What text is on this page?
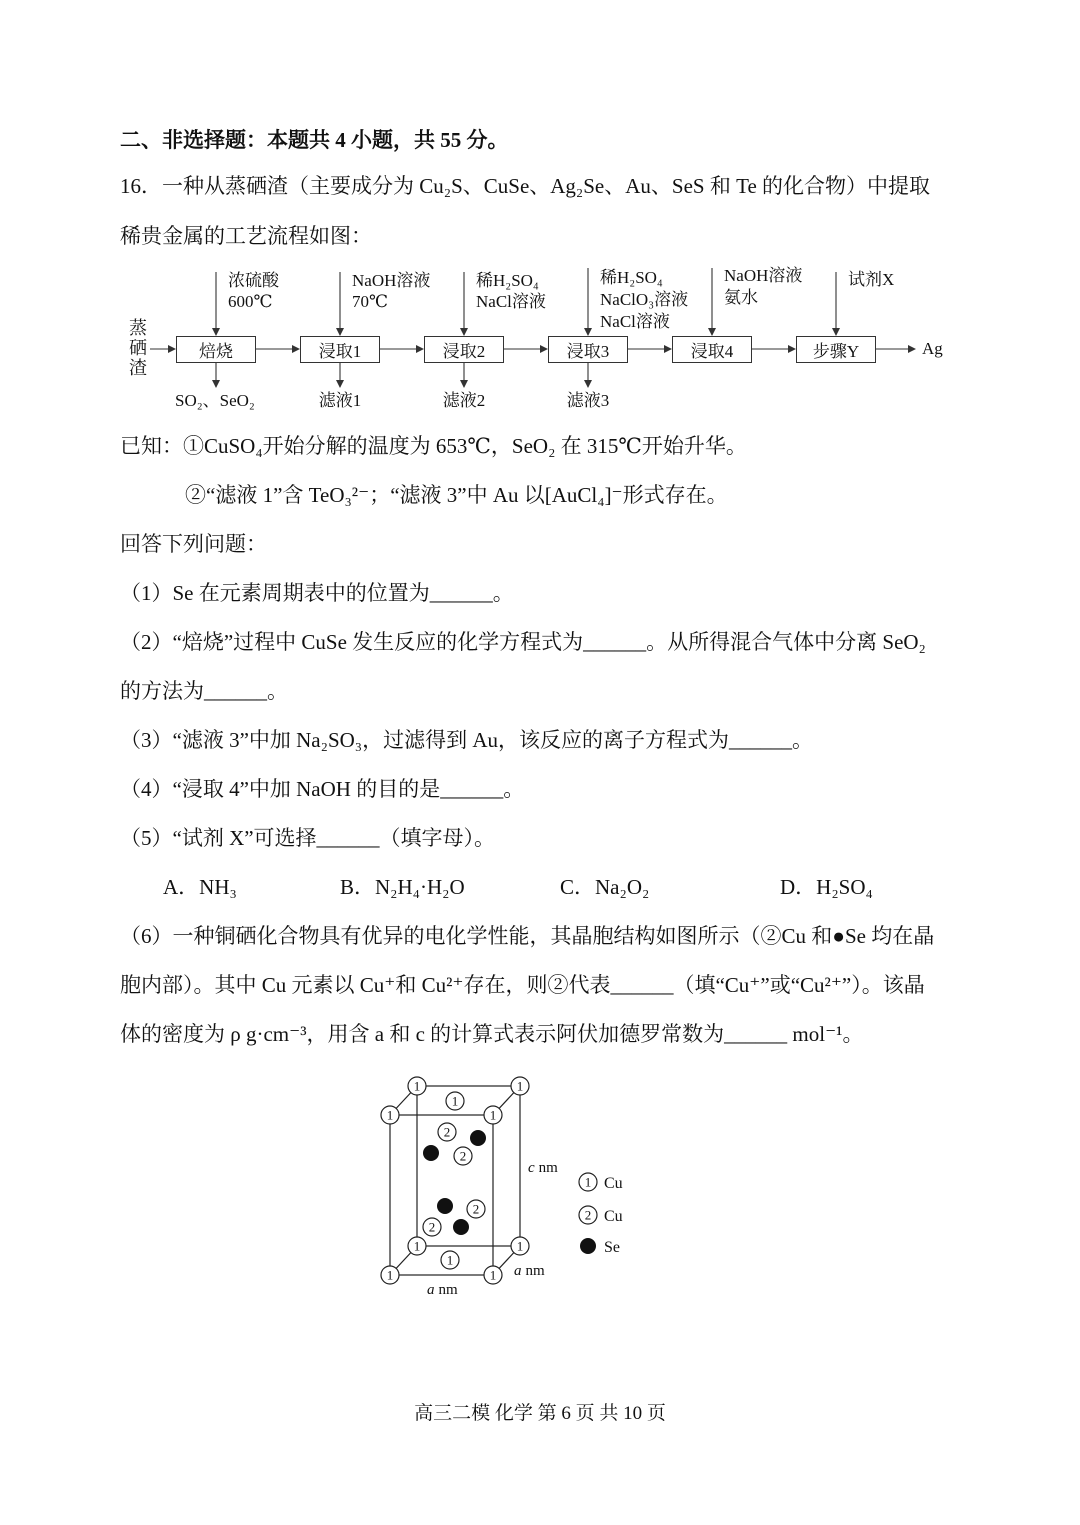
二、非选择题：本题共 4 小题，共 55 分。
16．一种从蒸硒渣（主要成分为 Cu₂S、CuSe、Ag₂Se、Au、SeS 和 Te 的化合物）中提取
稀贵金属的工艺流程如图：
蒸硒渣
浓硫酸
600℃
NaOH溶液
70℃
稀H₂SO₄
NaCl溶液
稀H₂SO₄
NaClO₃溶液
NaCl溶液
NaOH溶液
氨水
试剂X
焙烧	浸取1	浸取2	浸取3	浸取4	步骤Y	Ag
SO₂、SeO₂	滤液1	滤液2	滤液3
已知：①CuSO₄开始分解的温度为 653℃，SeO₂ 在 315℃开始升华。
②“滤液 1”含 TeO₃²⁻；“滤液 3”中 Au 以[AuCl₄]⁻形式存在。
回答下列问题：
（1）Se 在元素周期表中的位置为______。
（2）“焙烧”过程中 CuSe 发生反应的化学方程式为______。从所得混合气体中分离 SeO₂
的方法为______。
（3）“滤液 3”中加 Na₂SO₃，过滤得到 Au，该反应的离子方程式为______。
（4）“浸取 4”中加 NaOH 的目的是______。
（5）“试剂 X”可选择______（填字母）。
A．NH₃	B．N₂H₄·H₂O	C．Na₂O₂	D．H₂SO₄
（6）一种铜硒化合物具有优异的电化学性能，其晶胞结构如图所示（②Cu 和●Se 均在晶
胞内部）。其中 Cu 元素以 Cu⁺和 Cu²⁺存在，则②代表______（填“Cu⁺”或“Cu²⁺”）。该晶
体的密度为 ρ g·cm⁻³，用含 a 和 c 的计算式表示阿伏加德罗常数为______ mol⁻¹。
1	1
1	1
1	1
1	1
1
1
2
2
2
2
c nm
a nm
a nm
1 Cu
2 Cu
Se
高三二模 化学 第 6 页 共 10 页
